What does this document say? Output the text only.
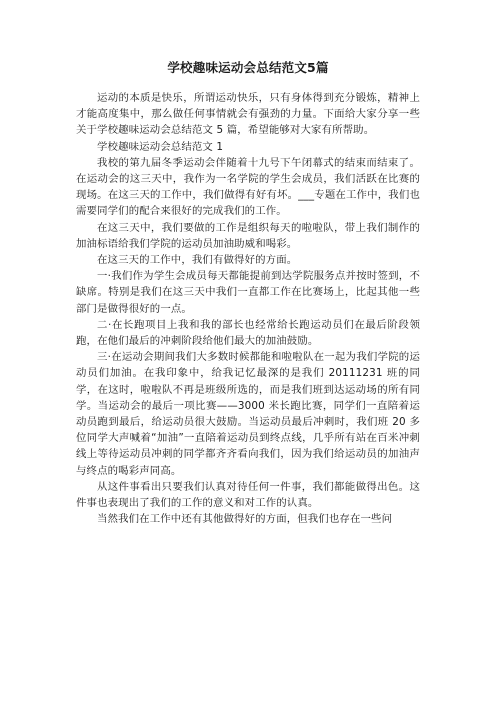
学校趣味运动会总结范文5篇

运动的本质是快乐，所谓运动快乐，只有身体得到充分锻炼，精神上才能高度集中，那么做任何事情就会有强劲的力量。下面给大家分享一些关于学校趣味运动会总结范文 5 篇，希望能够对大家有所帮助。

学校趣味运动会总结范文 1

我校的第九届冬季运动会伴随着十九号下午闭幕式的结束而结束了。在运动会的这三天中，我作为一名学院的学生会成员，我们活跃在比赛的现场。在这三天的工作中，我们做得有好有坏。___专题在工作中，我们也需要同学们的配合来很好的完成我们的工作。

在这三天中，我们要做的工作是组织每天的啦啦队，带上我们制作的加油标语给我们学院的运动员加油助威和喝彩。

在这三天的工作中，我们有做得好的方面。

一·我们作为学生会成员每天都能提前到达学院服务点并按时签到，不缺席。特别是我们在这三天中我们一直都工作在比赛场上，比起其他一些部门是做得很好的一点。

二·在长跑项目上我和我的部长也经常给长跑运动员们在最后阶段领跑，在他们最后的冲刺阶段给他们最大的加油鼓励。

三·在运动会期间我们大多数时候都能和啦啦队在一起为我们学院的运动员们加油。在我印象中，给我记忆最深的是我们 20111231 班的同学，在这时，啦啦队不再是班级所选的，而是我们班到达运动场的所有同学。当运动会的最后一项比赛——3000 米长跑比赛，同学们一直陪着运动员跑到最后，给运动员很大鼓励。当运动员最后冲刺时，我们班 20 多位同学大声喊着“加油”一直陪着运动员到终点线，几乎所有站在百米冲刺线上等待运动员冲刺的同学都齐齐看向我们，因为我们给运动员的加油声与终点的喝彩声同高。

从这件事看出只要我们认真对待任何一件事，我们都能做得出色。这件事也表现出了我们的工作的意义和对工作的认真。

当然我们在工作中还有其他做得好的方面，但我们也存在一些问
